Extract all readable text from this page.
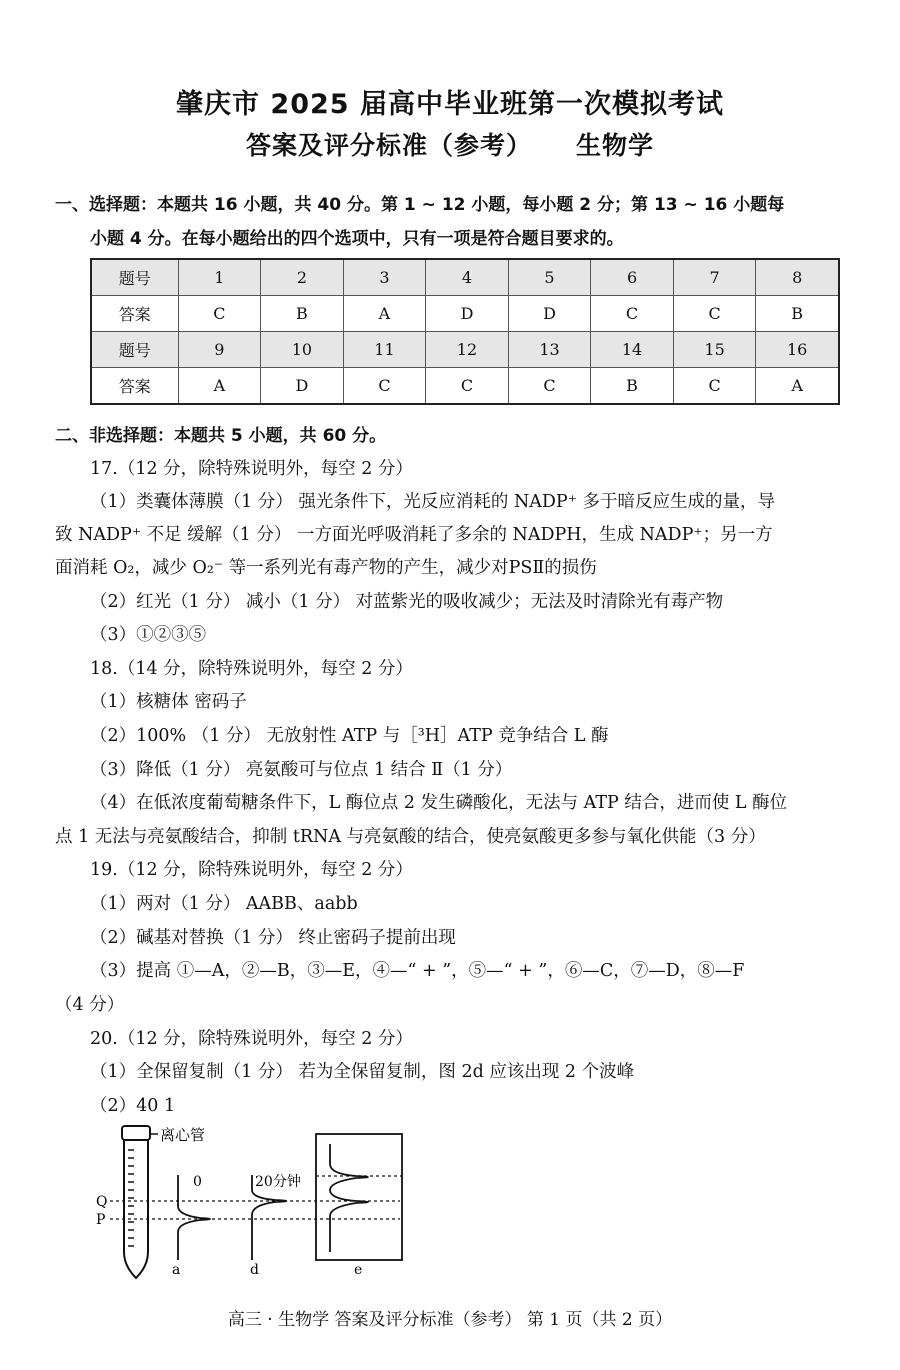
肇庆市 2025 届高中毕业班第一次模拟考试
答案及评分标准（参考） 生物学
一、选择题：本题共 16 小题，共 40 分。第 1 ~ 12 小题，每小题 2 分；第 13 ~ 16 小题每
小题 4 分。在每小题给出的四个选项中，只有一项是符合题目要求的。
题号	1	2	3	4	5	6	7	8
答案	C	B	A	D	D	C	C	B
题号	9	10	11	12	13	14	15	16
答案	A	D	C	C	C	B	C	A
二、非选择题：本题共 5 小题，共 60 分。
17.（12 分，除特殊说明外，每空 2 分）
（1）类囊体薄膜（1 分） 强光条件下，光反应消耗的 NADP⁺ 多于暗反应生成的量，导
致 NADP⁺ 不足 缓解（1 分） 一方面光呼吸消耗了多余的 NADPH，生成 NADP⁺；另一方
面消耗 O₂，减少 O₂⁻ 等一系列光有毒产物的产生，减少对PSⅡ的损伤
（2）红光（1 分） 减小（1 分） 对蓝紫光的吸收减少；无法及时清除光有毒产物
（3）①②③⑤
18.（14 分，除特殊说明外，每空 2 分）
（1）核糖体 密码子
（2）100% （1 分） 无放射性 ATP 与［³H］ATP 竞争结合 L 酶
（3）降低（1 分） 亮氨酸可与位点 1 结合 Ⅱ（1 分）
（4）在低浓度葡萄糖条件下，L 酶位点 2 发生磷酸化，无法与 ATP 结合，进而使 L 酶位
点 1 无法与亮氨酸结合，抑制 tRNA 与亮氨酸的结合，使亮氨酸更多参与氧化供能（3 分）
19.（12 分，除特殊说明外，每空 2 分）
（1）两对（1 分） AABB、aabb
（2）碱基对替换（1 分） 终止密码子提前出现
（3）提高 ①—A，②—B，③—E，④—“ + ”，⑤—“ + ”，⑥—C，⑦—D，⑧—F
（4 分）
20.（12 分，除特殊说明外，每空 2 分）
（1）全保留复制（1 分） 若为全保留复制，图 2d 应该出现 2 个波峰
（2）40 1
离心管
Q
P
0
a
20分钟
d	e
高三 · 生物学 答案及评分标准（参考） 第 1 页（共 2 页）
